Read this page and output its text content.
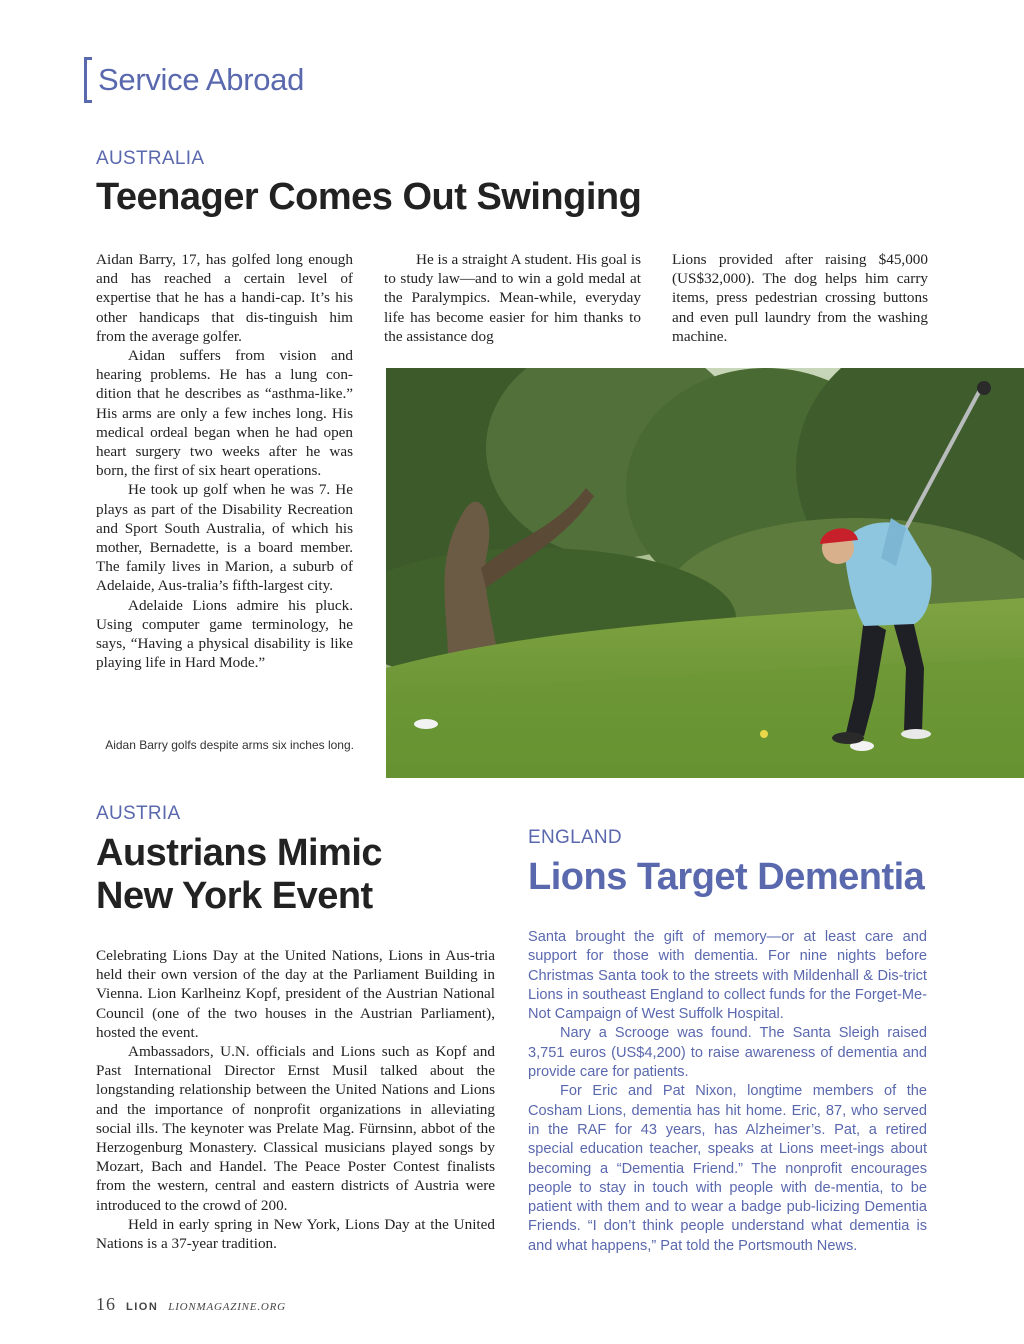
Service Abroad
AUSTRALIA
Teenager Comes Out Swinging

Aidan Barry, 17, has golfed long enough and has reached a certain level of expertise that he has a handi-cap. It’s his other handicaps that dis-tinguish him from the average golfer.

Aidan suffers from vision and hearing problems. He has a lung con-dition that he describes as “asthma-like.” His arms are only a few inches long. His medical ordeal began when he had open heart surgery two weeks after he was born, the first of six heart operations.

He took up golf when he was 7. He plays as part of the Disability Recreation and Sport South Australia, of which his mother, Bernadette, is a board member. The family lives in Marion, a suburb of Adelaide, Aus-tralia’s fifth-largest city.

Adelaide Lions admire his pluck. Using computer game terminology, he says, “Having a physical disability is like playing life in Hard Mode.”

He is a straight A student. His goal is to study law—and to win a gold medal at the Paralympics. Mean-while, everyday life has become easier for him thanks to the assistance dog

Lions provided after raising $45,000 (US$32,000). The dog helps him carry items, press pedestrian crossing buttons and even pull laundry from the washing machine.

Aidan Barry golfs despite arms six inches long.
AUSTRIA
Austrians Mimic
New York Event

Celebrating Lions Day at the United Nations, Lions in Aus-tria held their own version of the day at the Parliament Building in Vienna. Lion Karlheinz Kopf, president of the Austrian National Council (one of the two houses in the Austrian Parliament), hosted the event.

Ambassadors, U.N. officials and Lions such as Kopf and Past International Director Ernst Musil talked about the longstanding relationship between the United Nations and Lions and the importance of nonprofit organizations in alleviating social ills. The keynoter was Prelate Mag. Fürnsinn, abbot of the Herzogenburg Monastery. Classical musicians played songs by Mozart, Bach and Handel. The Peace Poster Contest finalists from the western, central and eastern districts of Austria were introduced to the crowd of 200.

Held in early spring in New York, Lions Day at the United Nations is a 37-year tradition.

ENGLAND
Lions Target Dementia

Santa brought the gift of memory—or at least care and support for those with dementia. For nine nights before Christmas Santa took to the streets with Mildenhall & Dis-trict Lions in southeast England to collect funds for the Forget-Me-Not Campaign of West Suffolk Hospital.

Nary a Scrooge was found. The Santa Sleigh raised 3,751 euros (US$4,200) to raise awareness of dementia and provide care for patients.

For Eric and Pat Nixon, longtime members of the Cosham Lions, dementia has hit home. Eric, 87, who served in the RAF for 43 years, has Alzheimer’s. Pat, a retired special education teacher, speaks at Lions meet-ings about becoming a “Dementia Friend.” The nonprofit encourages people to stay in touch with people with de-mentia, to be patient with them and to wear a badge pub-licizing Dementia Friends. “I don’t think people understand what dementia is and what happens,” Pat told the Portsmouth News.

16 LION LIONMAGAZINE.ORG
